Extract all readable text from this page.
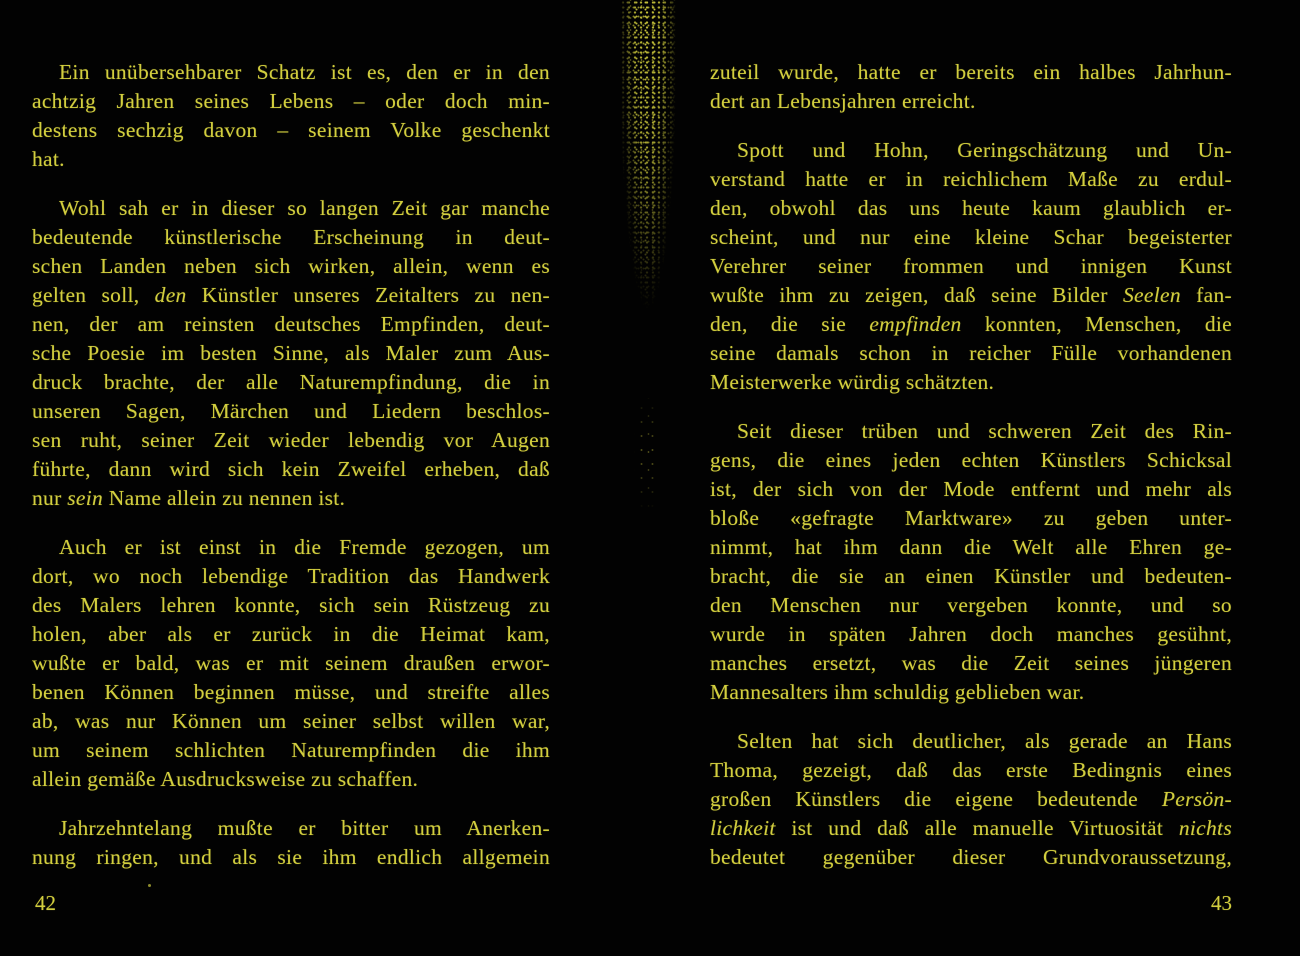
Ein unübersehbarer Schatz ist es, den er in den
achtzig Jahren seines Lebens – oder doch min-
destens sechzig davon – seinem Volke geschenkt
hat.
Wohl sah er in dieser so langen Zeit gar manche
bedeutende künstlerische Erscheinung in deut-
schen Landen neben sich wirken, allein, wenn es
gelten soll, den Künstler unseres Zeitalters zu nen-
nen, der am reinsten deutsches Empfinden, deut-
sche Poesie im besten Sinne, als Maler zum Aus-
druck brachte, der alle Naturempfindung, die in
unseren Sagen, Märchen und Liedern beschlos-
sen ruht, seiner Zeit wieder lebendig vor Augen
führte, dann wird sich kein Zweifel erheben, daß
nur sein Name allein zu nennen ist.
Auch er ist einst in die Fremde gezogen, um
dort, wo noch lebendige Tradition das Handwerk
des Malers lehren konnte, sich sein Rüstzeug zu
holen, aber als er zurück in die Heimat kam,
wußte er bald, was er mit seinem draußen erwor-
benen Können beginnen müsse, und streifte alles
ab, was nur Können um seiner selbst willen war,
um seinem schlichten Naturempfinden die ihm
allein gemäße Ausdrucksweise zu schaffen.
Jahrzehntelang mußte er bitter um Anerken-
nung ringen, und als sie ihm endlich allgemein
zuteil wurde, hatte er bereits ein halbes Jahrhun-
dert an Lebensjahren erreicht.
Spott und Hohn, Geringschätzung und Un-
verstand hatte er in reichlichem Maße zu erdul-
den, obwohl das uns heute kaum glaublich er-
scheint, und nur eine kleine Schar begeisterter
Verehrer seiner frommen und innigen Kunst
wußte ihm zu zeigen, daß seine Bilder Seelen fan-
den, die sie empfinden konnten, Menschen, die
seine damals schon in reicher Fülle vorhandenen
Meisterwerke würdig schätzten.
Seit dieser trüben und schweren Zeit des Rin-
gens, die eines jeden echten Künstlers Schicksal
ist, der sich von der Mode entfernt und mehr als
bloße «gefragte Marktware» zu geben unter-
nimmt, hat ihm dann die Welt alle Ehren ge-
bracht, die sie an einen Künstler und bedeuten-
den Menschen nur vergeben konnte, und so
wurde in späten Jahren doch manches gesühnt,
manches ersetzt, was die Zeit seines jüngeren
Mannesalters ihm schuldig geblieben war.
Selten hat sich deutlicher, als gerade an Hans
Thoma, gezeigt, daß das erste Bedingnis eines
großen Künstlers die eigene bedeutende Persön-
lichkeit ist und daß alle manuelle Virtuosität nichts
bedeutet gegenüber dieser Grundvoraussetzung,
42	43
